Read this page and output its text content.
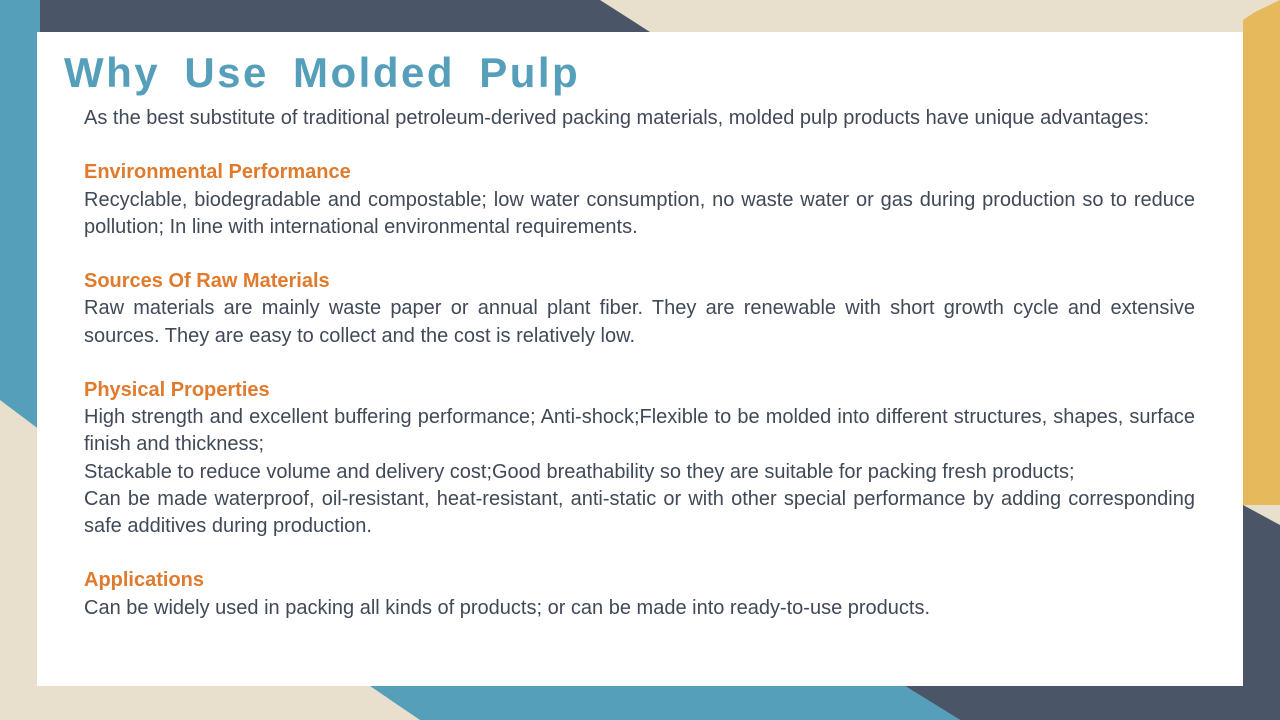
Why Use Molded Pulp

As the best substitute of traditional petroleum-derived packing materials, molded pulp products have unique advantages:

Environmental Performance

Recyclable, biodegradable and compostable; low water consumption, no waste water or gas during production so to reduce pollution; In line with international environmental requirements.

Sources Of Raw Materials

Raw materials are mainly waste paper or annual plant fiber. They are renewable with short growth cycle and extensive sources. They are easy to collect and the cost is relatively low.

Physical Properties

High strength and excellent buffering performance; Anti-shock;Flexible to be molded into different structures, shapes, surface finish and thickness;

Stackable to reduce volume and delivery cost;Good breathability so they are suitable for packing fresh products;

Can be made waterproof, oil-resistant, heat-resistant, anti-static or with other special performance by adding corresponding safe additives during production.

Applications

Can be widely used in packing all kinds of products; or can be made into ready-to-use products.
